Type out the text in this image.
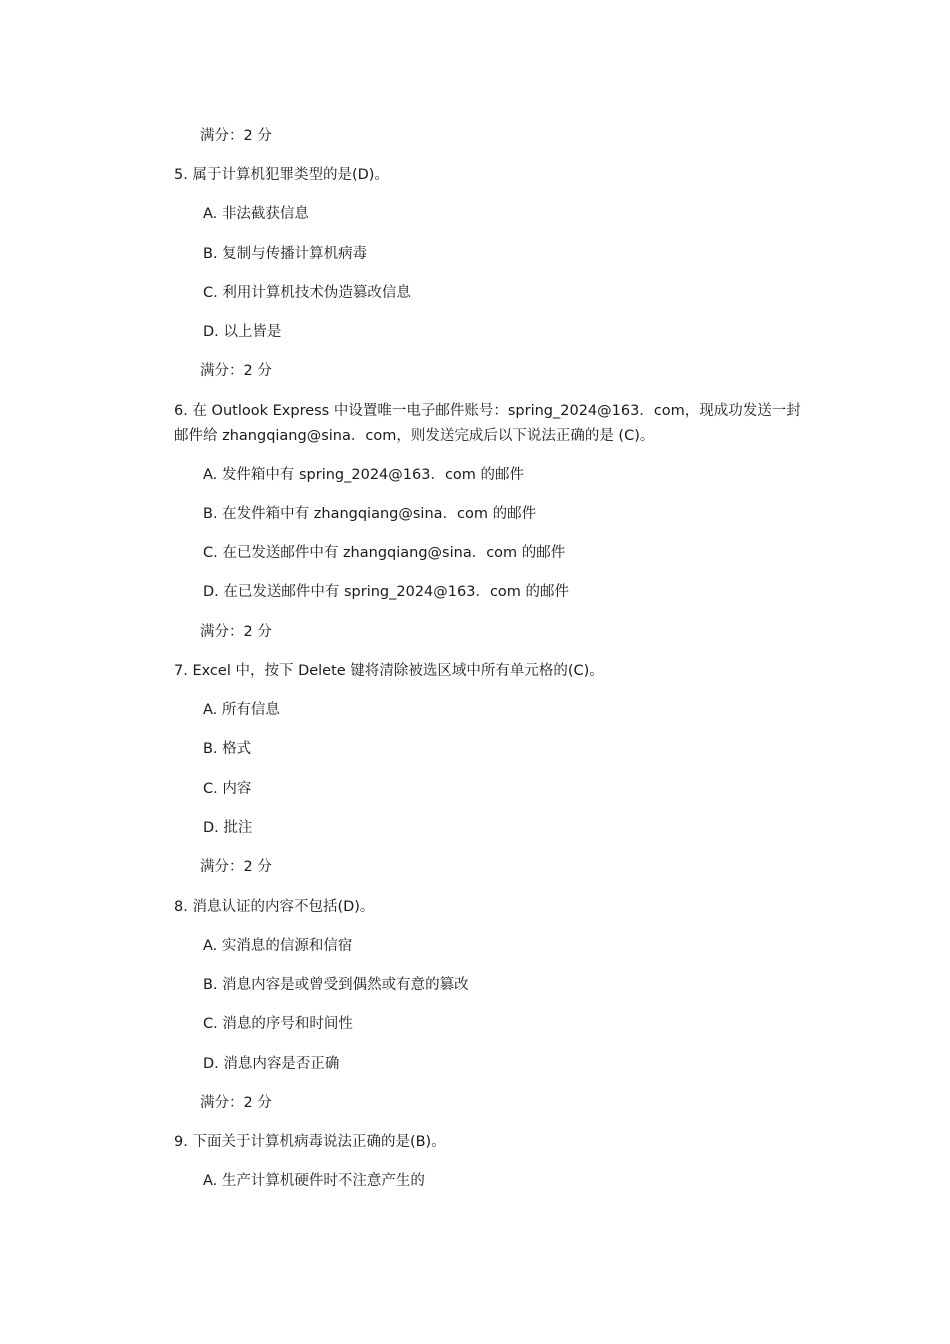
满分：2 分
5. 属于计算机犯罪类型的是(D)。
A. 非法截获信息
B. 复制与传播计算机病毒
C. 利用计算机技术伪造篡改信息
D. 以上皆是
满分：2 分
6. 在 Outlook Express 中设置唯一电子邮件账号：spring_2024@163．com，现成功发送一封邮件给 zhangqiang@sina．com，则发送完成后以下说法正确的是 (C)。
A. 发件箱中有 spring_2024@163．com 的邮件
B. 在发件箱中有 zhangqiang@sina．com 的邮件
C. 在已发送邮件中有 zhangqiang@sina．com 的邮件
D. 在已发送邮件中有 spring_2024@163．com 的邮件
满分：2 分
7. Excel 中，按下 Delete 键将清除被选区域中所有单元格的(C)。
A. 所有信息
B. 格式
C. 内容
D. 批注
满分：2 分
8. 消息认证的内容不包括(D)。
A. 实消息的信源和信宿
B. 消息内容是或曾受到偶然或有意的篡改
C. 消息的序号和时间性
D. 消息内容是否正确
满分：2 分
9. 下面关于计算机病毒说法正确的是(B)。
A. 生产计算机硬件时不注意产生的
